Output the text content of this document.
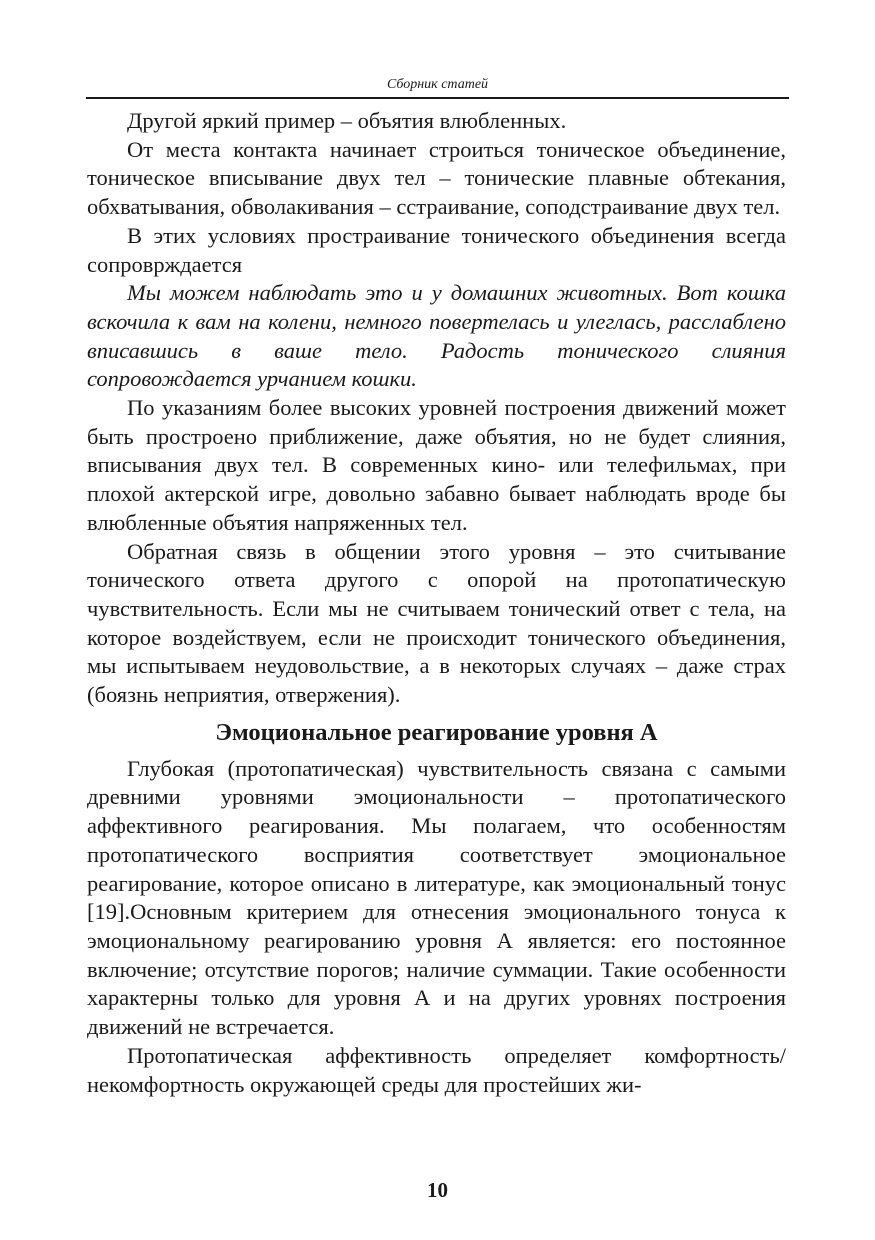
Сборник статей

Другой яркий пример – объятия влюбленных.

От места контакта начинает строиться тоническое объединение, тоническое вписывание двух тел – тонические плавные обтекания, обхватывания, обволакивания – сстраивание, соподстраивание двух тел.

В этих условиях простраивание тонического объединения всегда сопроврждается

Мы можем наблюдать это и у домашних животных. Вот кошка вскочила к вам на колени, немного повертелась и улеглась, расслаблено вписавшись в ваше тело. Радость тонического слияния сопровождается урчанием кошки.

По указаниям более высоких уровней построения движений может быть простроено приближение, даже объятия, но не будет слияния, вписывания двух тел. В современных кино- или телефильмах, при плохой актерской игре, довольно забавно бывает наблюдать вроде бы влюбленные объятия напряженных тел.

Обратная связь в общении этого уровня – это считывание тонического ответа другого с опорой на протопатическую чувствительность. Если мы не считываем тонический ответ с тела, на которое воздействуем, если не происходит тонического объединения, мы испытываем неудовольствие, а в некоторых случаях – даже страх (боязнь неприятия, отвержения).

Эмоциональное реагирование уровня А

Глубокая (протопатическая) чувствительность связана с самыми древними уровнями эмоциональности – протопатического аффективного реагирования. Мы полагаем, что особенностям протопатического восприятия соответствует эмоциональное реагирование, которое описано в литературе, как эмоциональный тонус [19].Основным критерием для отнесения эмоционального тонуса к эмоциональному реагированию уровня А является: его постоянное включение; отсутствие порогов; наличие суммации. Такие особенности характерны только для уровня А и на других уровнях построения движений не встречается.

Протопатическая аффективность определяет комфортность/некомфортность окружающей среды для простейших жи-

10
